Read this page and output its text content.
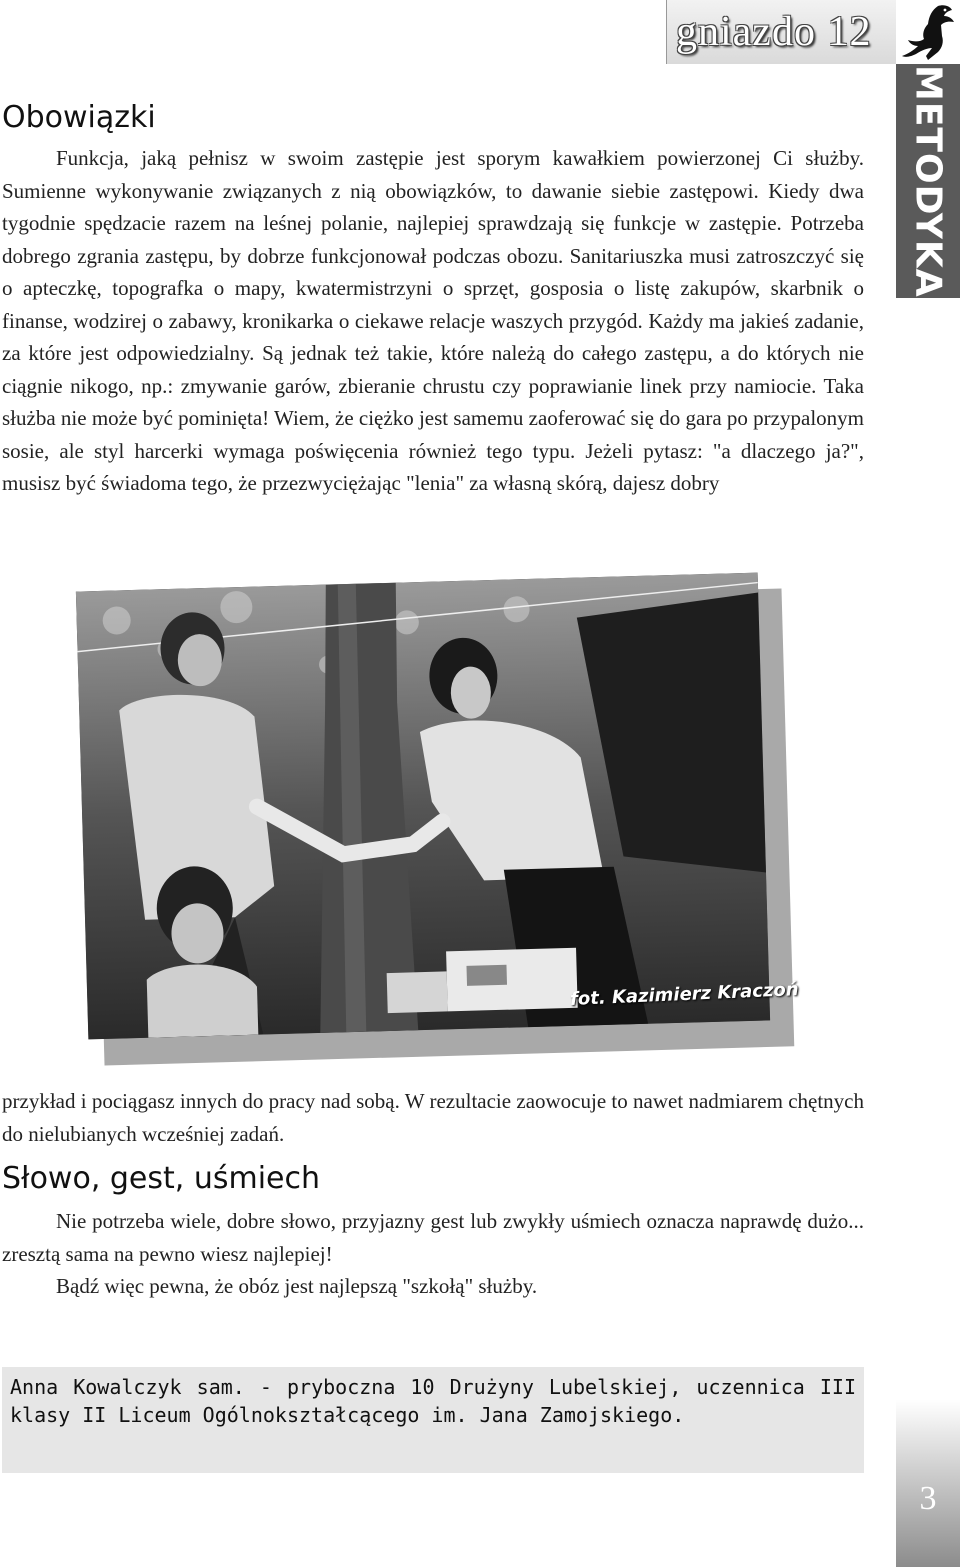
gniazdo 12
METODYKA
3
Obowiązki

Funkcja, jaką pełnisz w swoim zastępie jest sporym kawałkiem powierzonej Ci służby. Sumienne wykonywanie związanych z nią obowiązków, to dawanie siebie zastępowi. Kiedy dwa tygodnie spędzacie razem na leśnej polanie, najlepiej sprawdzają się funkcje w zastępie. Potrzeba dobrego zgrania zastępu, by dobrze funkcjonował podczas obozu. Sanitariuszka musi zatroszczyć się o apteczkę, topografka o mapy, kwatermistrzyni o sprzęt, gosposia o listę zakupów, skarbnik o finanse, wodzirej o zabawy, kronikarka o ciekawe relacje waszych przygód. Każdy ma jakieś zadanie, za które jest odpowiedzialny. Są jednak też takie, które należą do całego zastępu, a do których nie ciągnie nikogo, np.: zmywanie garów, zbieranie chrustu czy poprawianie linek przy namiocie. Taka służba nie może być pominięta! Wiem, że ciężko jest samemu zaoferować się do gara po przypalonym sosie, ale styl harcerki wymaga poświęcenia również tego typu. Jeżeli pytasz: "a dlaczego ja?", musisz być świadoma tego, że przezwyciężając "lenia" za własną skórą, dajesz dobry

fot. Kazimierz Kraczoń

przykład i pociągasz innych do pracy nad sobą. W rezultacie zaowocuje to nawet nadmiarem chętnych do nielubianych wcześniej zadań.

Słowo, gest, uśmiech

Nie potrzeba wiele, dobre słowo, przyjazny gest lub zwykły uśmiech oznacza naprawdę dużo... zresztą sama na pewno wiesz najlepiej!

Bądź więc pewna, że obóz jest najlepszą "szkołą" służby.

Anna Kowalczyk sam. - pryboczna 10 Drużyny Lubelskiej, uczennica III klasy II Liceum Ogólnokształcącego im. Jana Zamojskiego.
